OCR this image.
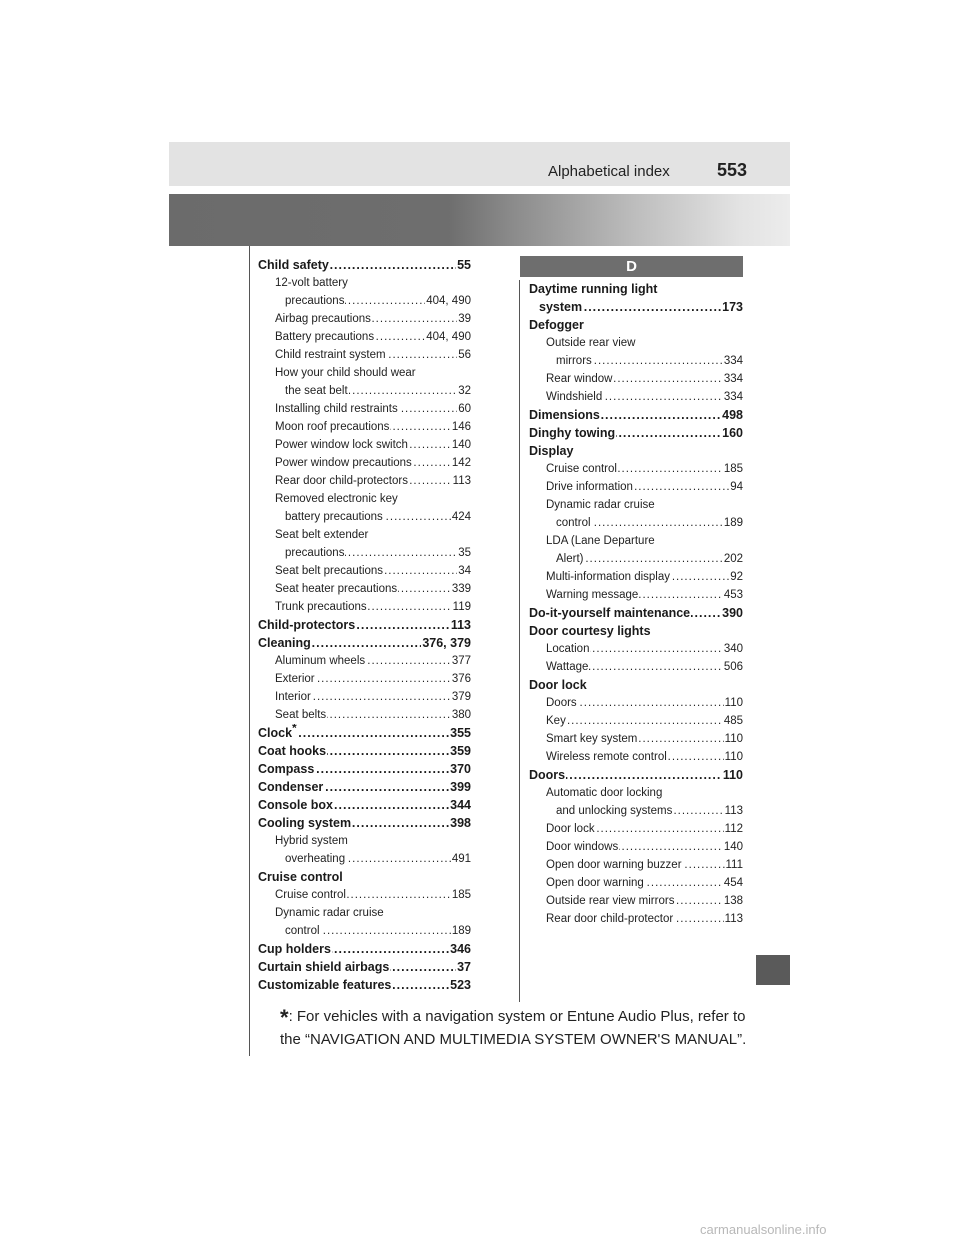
Alphabetical index	553
D
Child safety	55
.....
12-volt battery
precautions	404, 490
.....
Airbag precautions	39
.....
Battery precautions	404, 490
.....
Child restraint system	56
.....
How your child should wear
the seat belt	32
.....
Installing child restraints	60
.....
Moon roof precautions	146
.....
Power window lock switch	140
.....
Power window precautions	142
.....
Rear door child-protectors	113
.....
Removed electronic key
battery precautions	424
.....
Seat belt extender
precautions	35
.....
Seat belt precautions	34
.....
Seat heater precautions	339
.....
Trunk precautions	119
.....
Child-protectors	113
.....
Cleaning	376, 379
.....
Aluminum wheels	377
.....
Exterior	376
.....
Interior	379
.....
Seat belts	380
.....
Clock*	355
.....
Coat hooks	359
.....
Compass	370
.....
Condenser	399
.....
Console box	344
.....
Cooling system	398
.....
Hybrid system
overheating	491
.....
Cruise control
Cruise control	185
.....
Dynamic radar cruise
control	189
.....
Cup holders	346
.....
Curtain shield airbags	37
.....
Customizable features	523
.....
Daytime running light
system	173
.....
Defogger
Outside rear view
mirrors	334
.....
Rear window	334
.....
Windshield	334
.....
Dimensions	498
.....
Dinghy towing	160
.....
Display
Cruise control	185
.....
Drive information	94
.....
Dynamic radar cruise
control	189
.....
LDA (Lane Departure
Alert)	202
.....
Multi-information display	92
.....
Warning message	453
.....
Do-it-yourself maintenance	390
.....
Door courtesy lights
Location	340
.....
Wattage	506
.....
Door lock
Doors	110
.....
Key	485
.....
Smart key system	110
.....
Wireless remote control	110
.....
Doors	110
.....
Automatic door locking
and unlocking systems	113
.....
Door lock	112
.....
Door windows	140
.....
Open door warning buzzer	111
.....
Open door warning	454
.....
Outside rear view mirrors	138
.....
Rear door child-protector	113
.....
*: For vehicles with a navigation system or Entune Audio Plus, refer to the “NAVIGATION AND MULTIMEDIA SYSTEM OWNER'S MANUAL”.
carmanualsonline.info
